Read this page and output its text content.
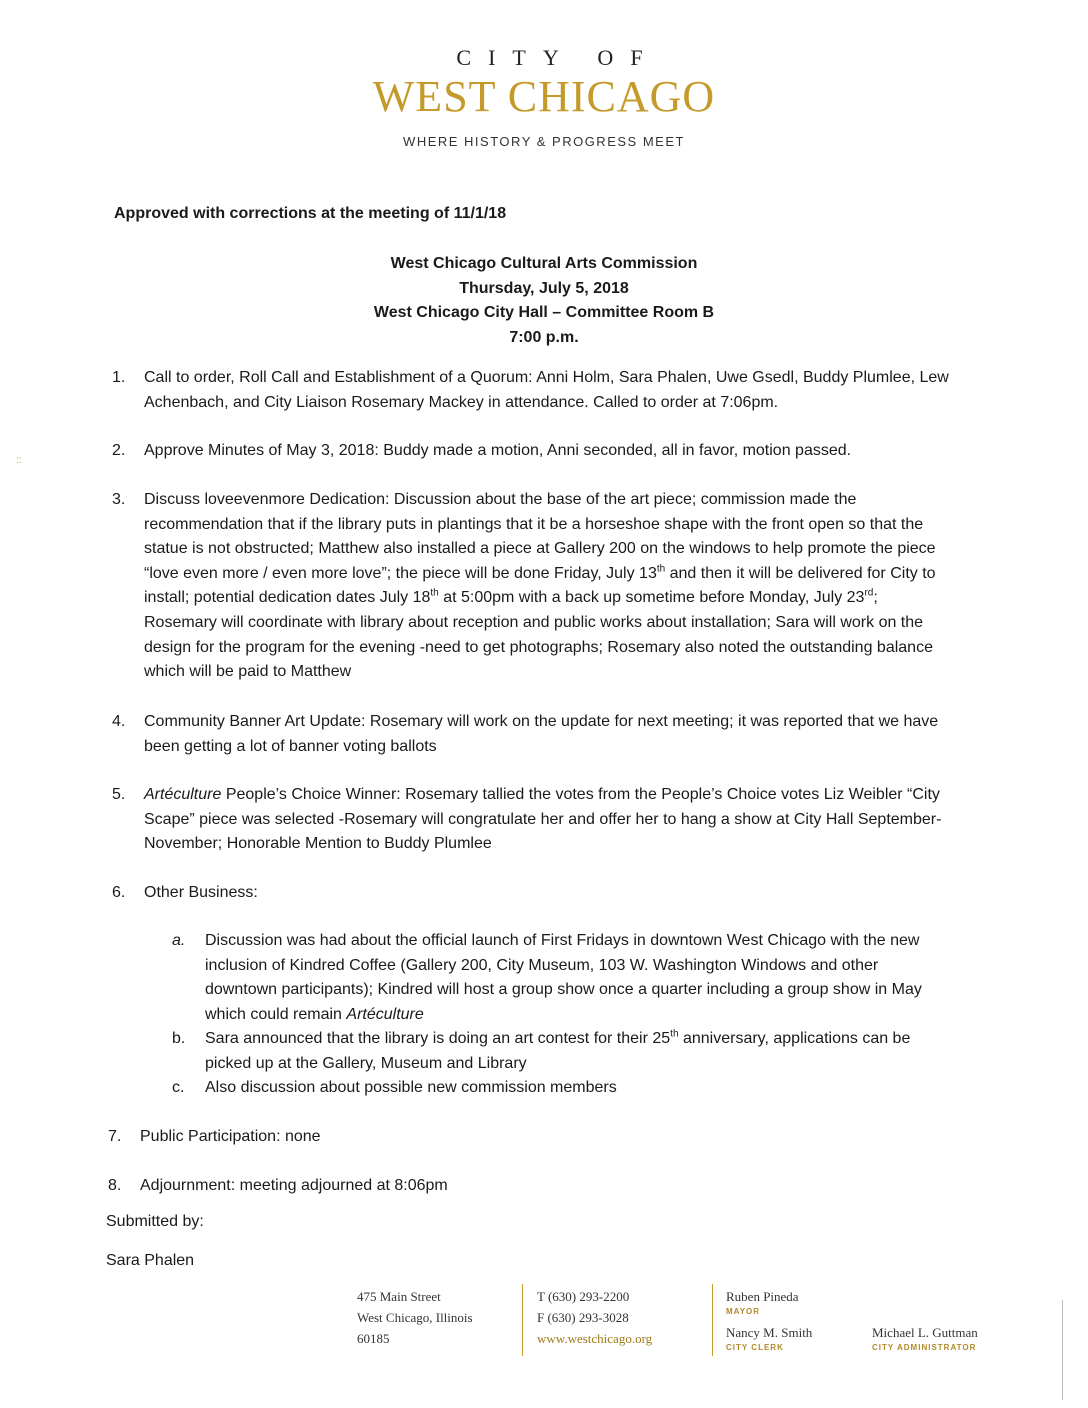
CITY OF
WEST CHICAGO
WHERE HISTORY & PROGRESS MEET
::
Approved with corrections at the meeting of 11/1/18
West Chicago Cultural Arts Commission
Thursday, July 5, 2018
West Chicago City Hall – Committee Room B
7:00 p.m.
1. Call to order, Roll Call and Establishment of a Quorum: Anni Holm, Sara Phalen, Uwe Gsedl, Buddy Plumlee, Lew Achenbach, and City Liaison Rosemary Mackey in attendance. Called to order at 7:06pm.
2. Approve Minutes of May 3, 2018: Buddy made a motion, Anni seconded, all in favor, motion passed.
3. Discuss loveevenmore Dedication: Discussion about the base of the art piece; commission made the recommendation that if the library puts in plantings that it be a horseshoe shape with the front open so that the statue is not obstructed; Matthew also installed a piece at Gallery 200 on the windows to help promote the piece “love even more / even more love”; the piece will be done Friday, July 13th and then it will be delivered for City to install; potential dedication dates July 18th at 5:00pm with a back up sometime before Monday, July 23rd; Rosemary will coordinate with library about reception and public works about installation; Sara will work on the design for the program for the evening -need to get photographs; Rosemary also noted the outstanding balance which will be paid to Matthew
4. Community Banner Art Update: Rosemary will work on the update for next meeting; it was reported that we have been getting a lot of banner voting ballots
5. Artéculture People’s Choice Winner: Rosemary tallied the votes from the People’s Choice votes Liz Weibler “City Scape” piece was selected -Rosemary will congratulate her and offer her to hang a show at City Hall September-November; Honorable Mention to Buddy Plumlee
6. Other Business:
a. Discussion was had about the official launch of First Fridays in downtown West Chicago with the new inclusion of Kindred Coffee (Gallery 200, City Museum, 103 W. Washington Windows and other downtown participants); Kindred will host a group show once a quarter including a group show in May which could remain Artéculture
b. Sara announced that the library is doing an art contest for their 25th anniversary, applications can be picked up at the Gallery, Museum and Library
c. Also discussion about possible new commission members
7. Public Participation: none
8. Adjournment: meeting adjourned at 8:06pm
Submitted by:
Sara Phalen
475 Main Street
West Chicago, Illinois
60185
T (630) 293-2200
F (630) 293-3028
www.westchicago.org
Ruben Pineda
MAYOR
Nancy M. Smith
CITY CLERK
Michael L. Guttman
CITY ADMINISTRATOR
